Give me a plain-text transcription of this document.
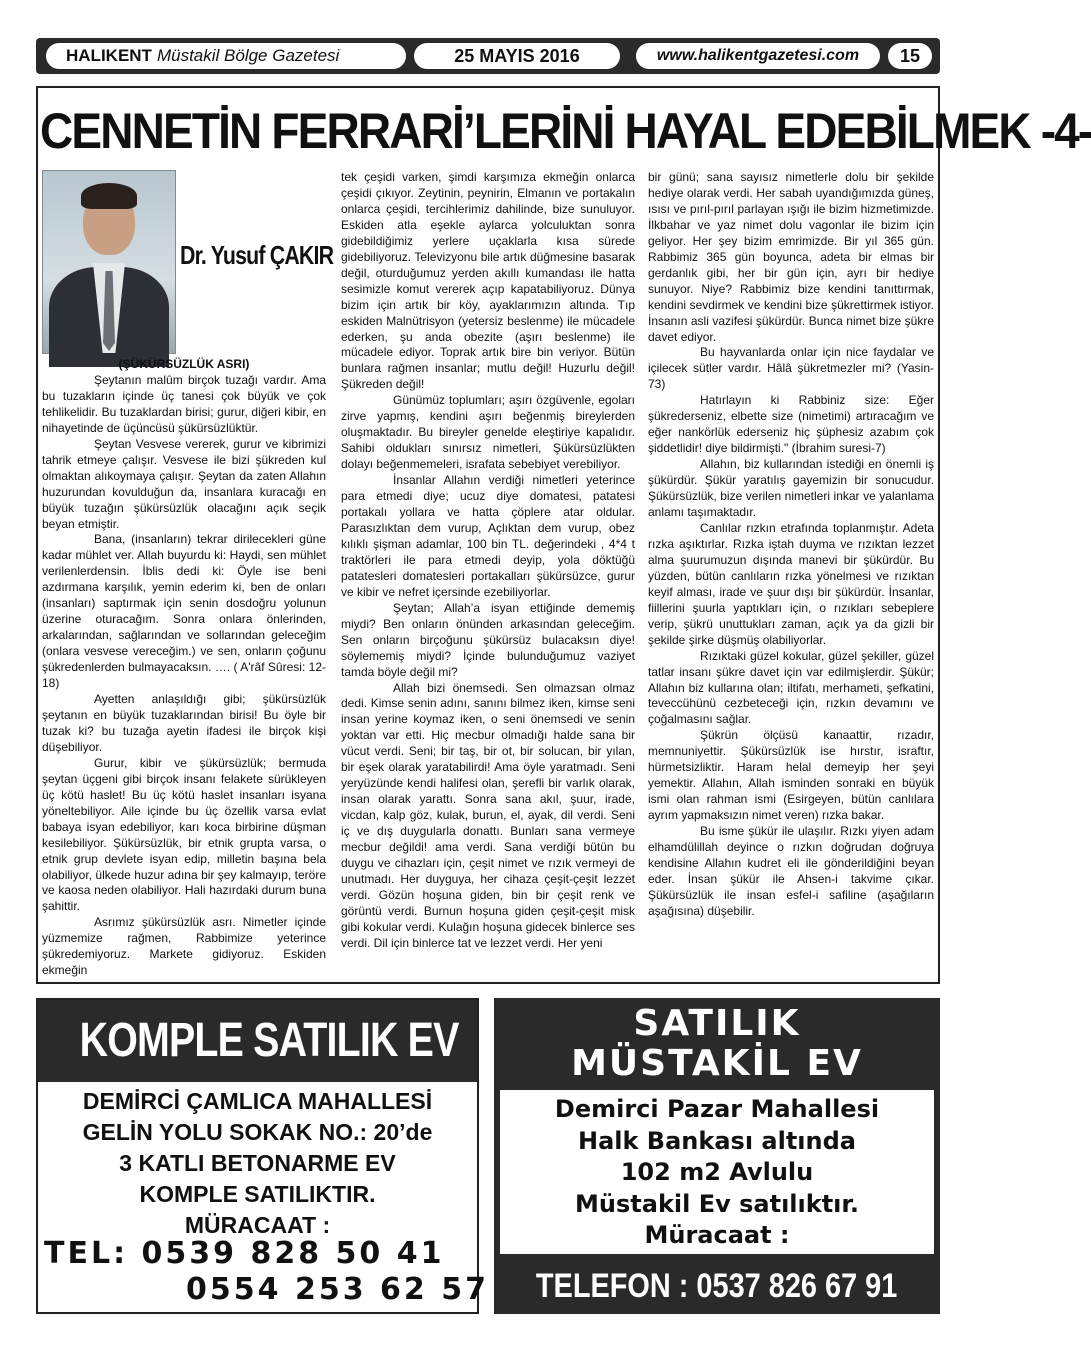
HALIKENT Müstakil Bölge Gazetesi	25 MAYIS 2016	www.halikentgazetesi.com	15
CENNETİN FERRARİ’LERİNİ HAYAL EDEBİLMEK -4-
Dr. Yusuf ÇAKIR

(ŞÜKÜRSÜZLÜK ASRI)

Şeytanın malûm birçok tuzağı vardır. Ama bu tuzakların içinde üç tanesi çok büyük ve çok tehlikelidir. Bu tuzaklardan birisi; gurur, diğeri kibir, en nihayetinde de üçüncüsü şükürsüzlüktür.

Şeytan Vesvese vererek, gurur ve kibrimizi tahrik etmeye çalışır. Vesvese ile bizi şükreden kul olmaktan alıkoymaya çalışır. Şeytan da zaten Allahın huzurundan kovulduğun da, insanlara kuracağı en büyük tuzağın şükürsüzlük olacağını açık seçik beyan etmiştir.

Bana, (insanların) tekrar dirilecekleri güne kadar mühlet ver. Allah buyurdu ki: Haydi, sen mühlet verilenlerdensin. İblis dedi ki: Öyle ise beni azdırmana karşılık, yemin ederim ki, ben de onları (insanları) saptırmak için senin dosdoğru yolunun üzerine oturacağım. Sonra onlara önlerinden, arkalarından, sağlarından ve sollarından geleceğim (onlara vesvese vereceğim.) ve sen, onların çoğunu şükredenlerden bulmayacaksın. …. ( A'râf Sûresi: 12-18)

Ayetten anlaşıldığı gibi; şükürsüzlük şeytanın en büyük tuzaklarından birisi! Bu öyle bir tuzak ki? bu tuzağa ayetin ifadesi ile birçok kişi düşebiliyor.

Gurur, kibir ve şükürsüzlük; bermuda şeytan üçgeni gibi birçok insanı felakete sürükleyen üç kötü haslet! Bu üç kötü haslet insanları isyana yöneltebiliyor. Aile içinde bu üç özellik varsa evlat babaya isyan edebiliyor, karı koca birbirine düşman kesilebiliyor. Şükürsüzlük, bir etnik grupta varsa, o etnik grup devlete isyan edip, milletin başına bela olabiliyor, ülkede huzur adına bir şey kalmayıp, teröre ve kaosa neden olabiliyor. Hali hazırdaki durum buna şahittir.

Asrımız şükürsüzlük asrı. Nimetler içinde yüzmemize rağmen, Rabbimize yeterince şükredemiyoruz. Markete gidiyoruz. Eskiden ekmeğin

tek çeşidi varken, şimdi karşımıza ekmeğin onlarca çeşidi çıkıyor. Zeytinin, peynirin, Elmanın ve portakalın onlarca çeşidi, tercihlerimiz dahilinde, bize sunuluyor. Eskiden atla eşekle aylarca yolculuktan sonra gidebildiğimiz yerlere uçaklarla kısa sürede gidebiliyoruz. Televizyonu bile artık düğmesine basarak değil, oturduğumuz yerden akıllı kumandası ile hatta sesimizle komut vererek açıp kapatabiliyoruz. Dünya bizim için artık bir köy, ayaklarımızın altında. Tıp eskiden Malnütrisyon (yetersiz beslenme) ile mücadele ederken, şu anda obezite (aşırı beslenme) ile mücadele ediyor. Toprak artık bire bin veriyor. Bütün bunlara rağmen insanlar; mutlu değil! Huzurlu değil! Şükreden değil!

Günümüz toplumları; aşırı özgüvenle, egoları zirve yapmış, kendini aşırı beğenmiş bireylerden oluşmaktadır. Bu bireyler genelde eleştiriye kapalıdır. Sahibi oldukları sınırsız nimetleri, Şükürsüzlükten dolayı beğenmemeleri, israfata sebebiyet verebiliyor.

İnsanlar Allahın verdiği nimetleri yeterince para etmedi diye; ucuz diye domatesi, patatesi portakalı yollara ve hatta çöplere atar oldular. Parasızlıktan dem vurup, Açlıktan dem vurup, obez kılıklı şişman adamlar, 100 bin TL. değerindeki , 4*4 t traktörleri ile para etmedi deyip, yola döktüğü patatesleri domatesleri portakalları şükürsüzce, gurur ve kibir ve nefret içersinde ezebiliyorlar.

Şeytan; Allah’a isyan ettiğinde dememiş miydi? Ben onların önünden arkasından geleceğim. Sen onların birçoğunu şükürsüz bulacaksın diye! söylememiş miydi? İçinde bulunduğumuz vaziyet tamda böyle değil mi?

Allah bizi önemsedi. Sen olmazsan olmaz dedi. Kimse senin adını, sanını bilmez iken, kimse seni insan yerine koymaz iken, o seni önemsedi ve senin yoktan var etti. Hiç mecbur olmadığı halde sana bir vücut verdi. Seni; bir taş, bir ot, bir solucan, bir yılan, bir eşek olarak yaratabilirdi! Ama öyle yaratmadı. Seni yeryüzünde kendi halifesi olan, şerefli bir varlık olarak, insan olarak yarattı. Sonra sana akıl, şuur, irade, vicdan, kalp göz, kulak, burun, el, ayak, dil verdi. Seni iç ve dış duygularla donattı. Bunları sana vermeye mecbur değildi! ama verdi. Sana verdiği bütün bu duygu ve cihazları için, çeşit nimet ve rızık vermeyi de unutmadı. Her duyguya, her cihaza çeşit-çeşit lezzet verdi. Gözün hoşuna giden, bin bir çeşit renk ve görüntü verdi. Burnun hoşuna giden çeşit-çeşit misk gibi kokular verdi. Kulağın hoşuna gidecek binlerce ses verdi. Dil için binlerce tat ve lezzet verdi. Her yeni

bir günü; sana sayısız nimetlerle dolu bir şekilde hediye olarak verdi. Her sabah uyandığımızda güneş, ısısı ve pırıl-pırıl parlayan ışığı ile bizim hizmetimizde. İlkbahar ve yaz nimet dolu vagonlar ile bizim için geliyor. Her şey bizim emrimizde. Bir yıl 365 gün. Rabbimiz 365 gün boyunca, adeta bir elmas bir gerdanlık gibi, her bir gün için, ayrı bir hediye sunuyor. Niye? Rabbimiz bize kendini tanıttırmak, kendini sevdirmek ve kendini bize şükrettirmek istiyor. İnsanın asli vazifesi şükürdür. Bunca nimet bize şükre davet ediyor.

Bu hayvanlarda onlar için nice faydalar ve içilecek sütler vardır. Hâlâ şükretmezler mi? (Yasin-73)

Hatırlayın ki Rabbiniz size: Eğer şükrederseniz, elbette size (nimetimi) artıracağım ve eğer nankörlük ederseniz hiç şüphesiz azabım çok şiddetlidir! diye bildirmişti." (İbrahim suresi-7)

Allahın, biz kullarından istediği en önemli iş şükürdür. Şükür yaratılış gayemizin bir sonucudur. Şükürsüzlük, bize verilen nimetleri inkar ve yalanlama anlamı taşımaktadır.

Canlılar rızkın etrafında toplanmıştır. Adeta rızka aşıktırlar. Rızka iştah duyma ve rızıktan lezzet alma şuurumuzun dışında manevi bir şükürdür. Bu yüzden, bütün canlıların rızka yönelmesi ve rızıktan keyif alması, irade ve şuur dışı bir şükürdür. İnsanlar, fiillerini şuurla yaptıkları için, o rızıkları sebeplere verip, şükrü unuttukları zaman, açık ya da gizli bir şekilde şirke düşmüş olabiliyorlar.

Rızıktaki güzel kokular, güzel şekiller, güzel tatlar insanı şükre davet için var edilmişlerdir. Şükür; Allahın biz kullarına olan; iltifatı, merhameti, şefkatini, teveccühünü cezbeteceği için, rızkın devamını ve çoğalmasını sağlar.

Şükrün ölçüsü kanaattir, rızadır, memnuniyettir. Şükürsüzlük ise hırstır, israftır, hürmetsizliktir. Haram helal demeyip her şeyi yemektir. Allahın, Allah isminden sonraki en büyük ismi olan rahman ismi (Esirgeyen, bütün canlılara ayrım yapmaksızın nimet veren) rızka bakar.

Bu isme şükür ile ulaşılır. Rızkı yiyen adam elhamdülillah deyince o rızkın doğrudan doğruya kendisine Allahın kudret eli ile gönderildiğini beyan eder. İnsan şükür ile Ahsen-i takvime çıkar. Şükürsüzlük ile insan esfel-i safiline (aşağıların aşağısına) düşebilir.

KOMPLE SATILIK EV
DEMİRCİ ÇAMLICA MAHALLESİ
GELİN YOLU SOKAK NO.: 20’de
3 KATLI BETONARME EV
KOMPLE SATILIKTIR.
MÜRACAAT :
TEL: 0539 828 50 41
0554 253 62 57
SATILIK
MÜSTAKİL EV
Demirci Pazar Mahallesi
Halk Bankası altında
102 m2 Avlulu
Müstakil Ev satılıktır.
Müracaat :
TELEFON : 0537 826 67 91
